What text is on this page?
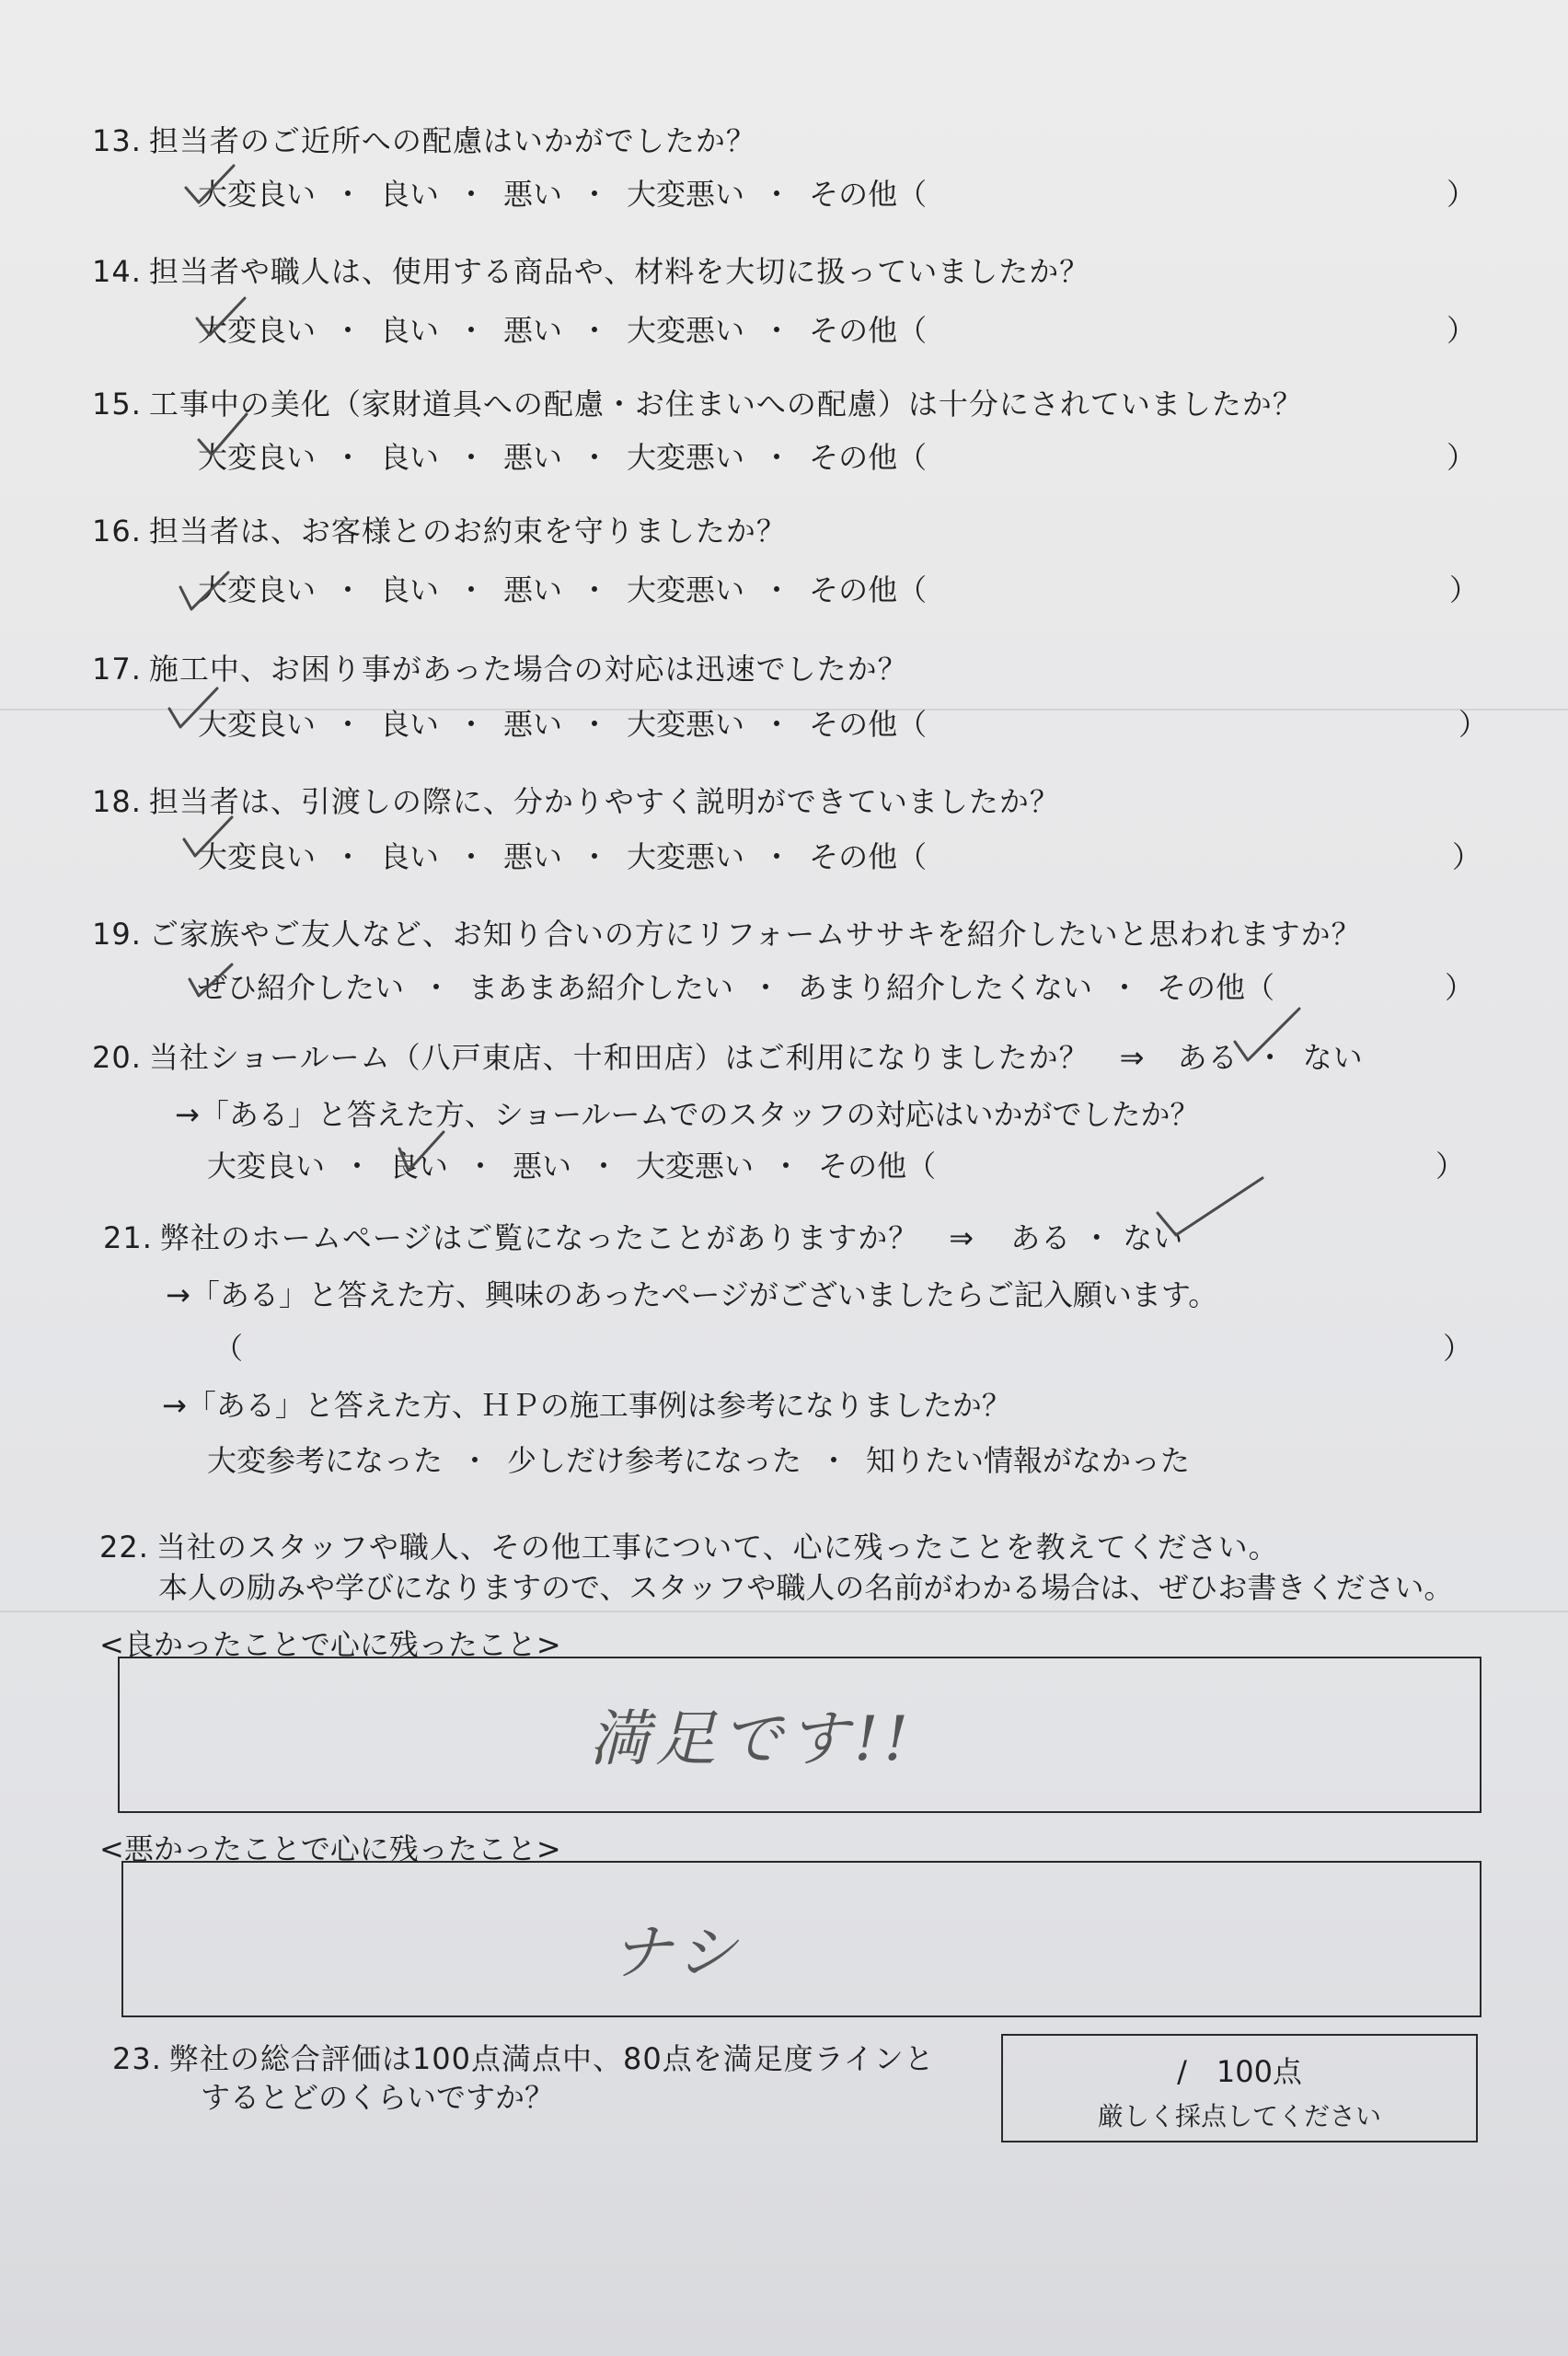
13. 担当者のご近所への配慮はいかがでしたか？
大変良い ・ 良い ・ 悪い ・ 大変悪い ・ その他（	）
14. 担当者や職人は、使用する商品や、材料を大切に扱っていましたか？
大変良い ・ 良い ・ 悪い ・ 大変悪い ・ その他（	）
15. 工事中の美化（家財道具への配慮・お住まいへの配慮）は十分にされていましたか？
大変良い ・ 良い ・ 悪い ・ 大変悪い ・ その他（	）
16. 担当者は、お客様とのお約束を守りましたか？
大変良い ・ 良い ・ 悪い ・ 大変悪い ・ その他（	）
17. 施工中、お困り事があった場合の対応は迅速でしたか？
大変良い ・ 良い ・ 悪い ・ 大変悪い ・ その他（	）
18. 担当者は、引渡しの際に、分かりやすく説明ができていましたか？
大変良い ・ 良い ・ 悪い ・ 大変悪い ・ その他（	）
19. ご家族やご友人など、お知り合いの方にリフォームササキを紹介したいと思われますか？
ぜひ紹介したい ・ まあまあ紹介したい ・ あまり紹介したくない ・ その他（	）
20. 当社ショールーム（八戸東店、十和田店）はご利用になりましたか？　⇒ ある ・ ない
→「ある」と答えた方、ショールームでのスタッフの対応はいかがでしたか？
大変良い ・ 良い ・ 悪い ・ 大変悪い ・ その他（	）
21. 弊社のホームページはご覧になったことがありますか？　⇒ ある ・ ない
→「ある」と答えた方、興味のあったページがございましたらご記入願います。
（	）
→「ある」と答えた方、ＨＰの施工事例は参考になりましたか？
大変参考になった ・ 少しだけ参考になった ・ 知りたい情報がなかった
22. 当社のスタッフや職人、その他工事について、心に残ったことを教えてください。
本人の励みや学びになりますので、スタッフや職人の名前がわかる場合は、ぜひお書きください。
<良かったことで心に残ったこと>
満足です!!
<悪かったことで心に残ったこと>
ナシ
23. 弊社の総合評価は100点満点中、80点を満足度ラインと
するとどのくらいですか？
/　100点
厳しく採点してください
